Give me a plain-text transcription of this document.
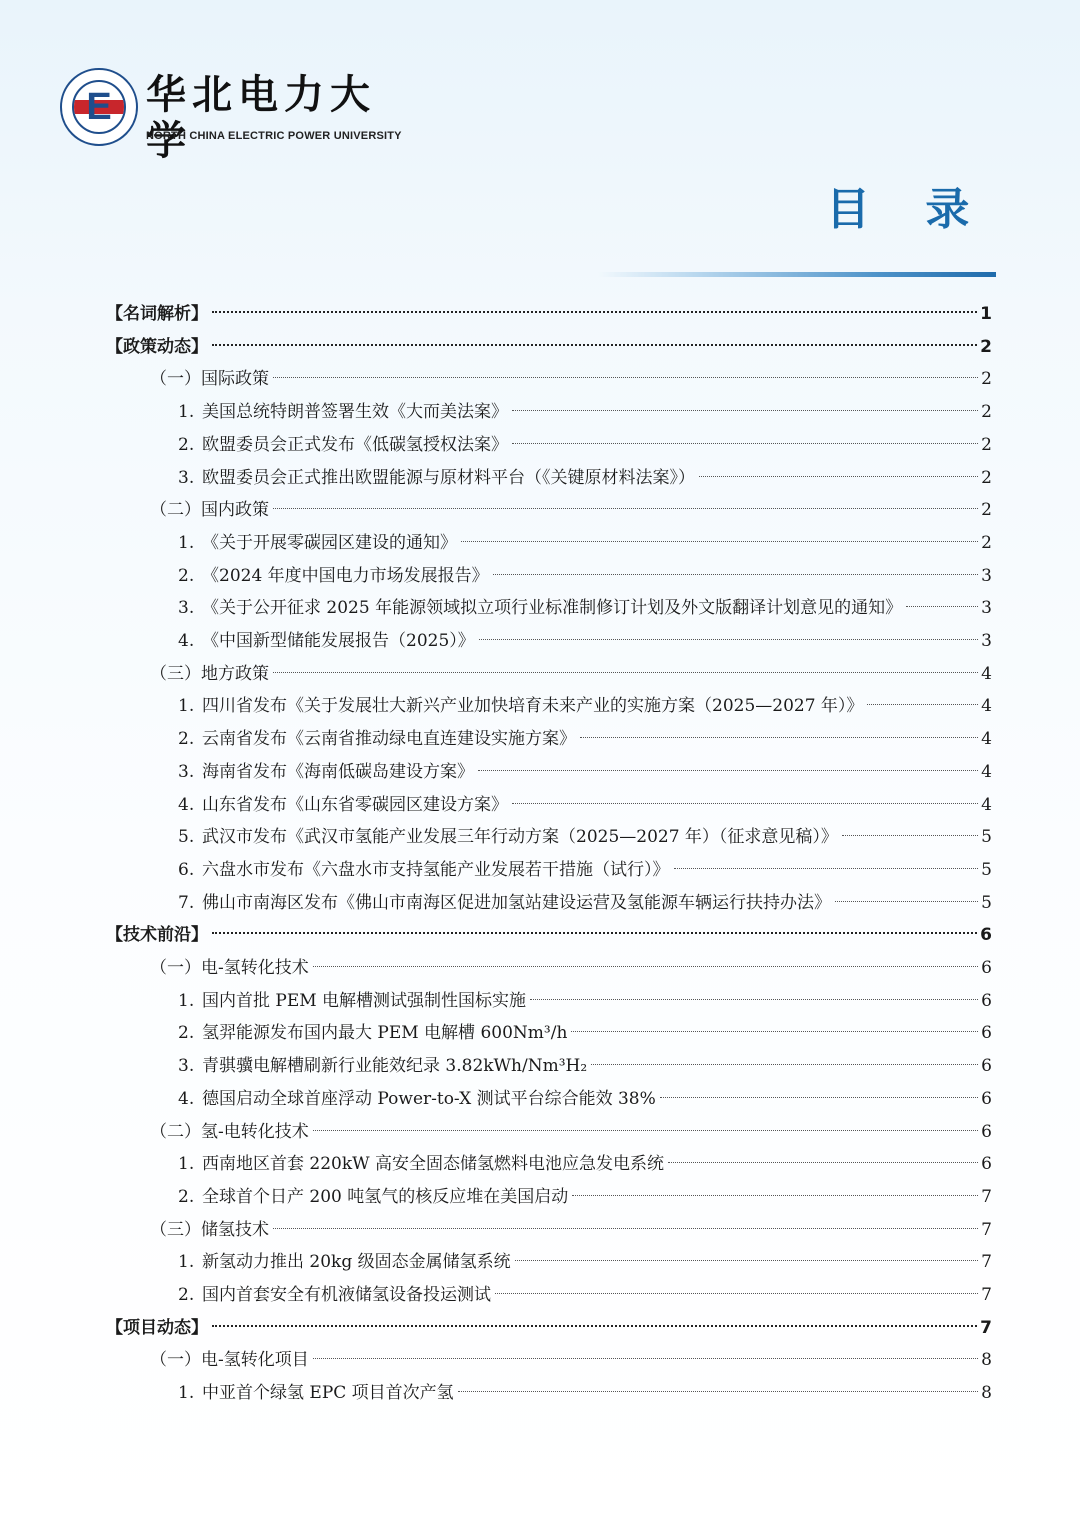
E 华北电力大学
NORTH CHINA ELECTRIC POWER UNIVERSITY
目 录
【名词解析】	1
【政策动态】	2
（一）国际政策	2
1. 美国总统特朗普签署生效《大而美法案》	2
2. 欧盟委员会正式发布《低碳氢授权法案》	2
3. 欧盟委员会正式推出欧盟能源与原材料平台（《关键原材料法案》）	2
（二）国内政策	2
1. 《关于开展零碳园区建设的通知》	2
2. 《2024 年度中国电力市场发展报告》	3
3. 《关于公开征求 2025 年能源领域拟立项行业标准制修订计划及外文版翻译计划意见的通知》	3
4. 《中国新型储能发展报告（2025）》	3
（三）地方政策	4
1. 四川省发布《关于发展壮大新兴产业加快培育未来产业的实施方案（2025—2027 年）》	4
2. 云南省发布《云南省推动绿电直连建设实施方案》	4
3. 海南省发布《海南低碳岛建设方案》	4
4. 山东省发布《山东省零碳园区建设方案》	4
5. 武汉市发布《武汉市氢能产业发展三年行动方案（2025—2027 年）（征求意见稿）》	5
6. 六盘水市发布《六盘水市支持氢能产业发展若干措施（试行）》	5
7. 佛山市南海区发布《佛山市南海区促进加氢站建设运营及氢能源车辆运行扶持办法》	5
【技术前沿】	6
（一）电-氢转化技术	6
1. 国内首批 PEM 电解槽测试强制性国标实施	6
2. 氢羿能源发布国内最大 PEM 电解槽 600Nm³/h	6
3. 青骐骥电解槽刷新行业能效纪录 3.82kWh/Nm³H₂	6
4. 德国启动全球首座浮动 Power-to-X 测试平台综合能效 38%	6
（二）氢-电转化技术	6
1. 西南地区首套 220kW 高安全固态储氢燃料电池应急发电系统	6
2. 全球首个日产 200 吨氢气的核反应堆在美国启动	7
（三）储氢技术	7
1. 新氢动力推出 20kg 级固态金属储氢系统	7
2. 国内首套安全有机液储氢设备投运测试	7
【项目动态】	7
（一）电-氢转化项目	8
1. 中亚首个绿氢 EPC 项目首次产氢	8
